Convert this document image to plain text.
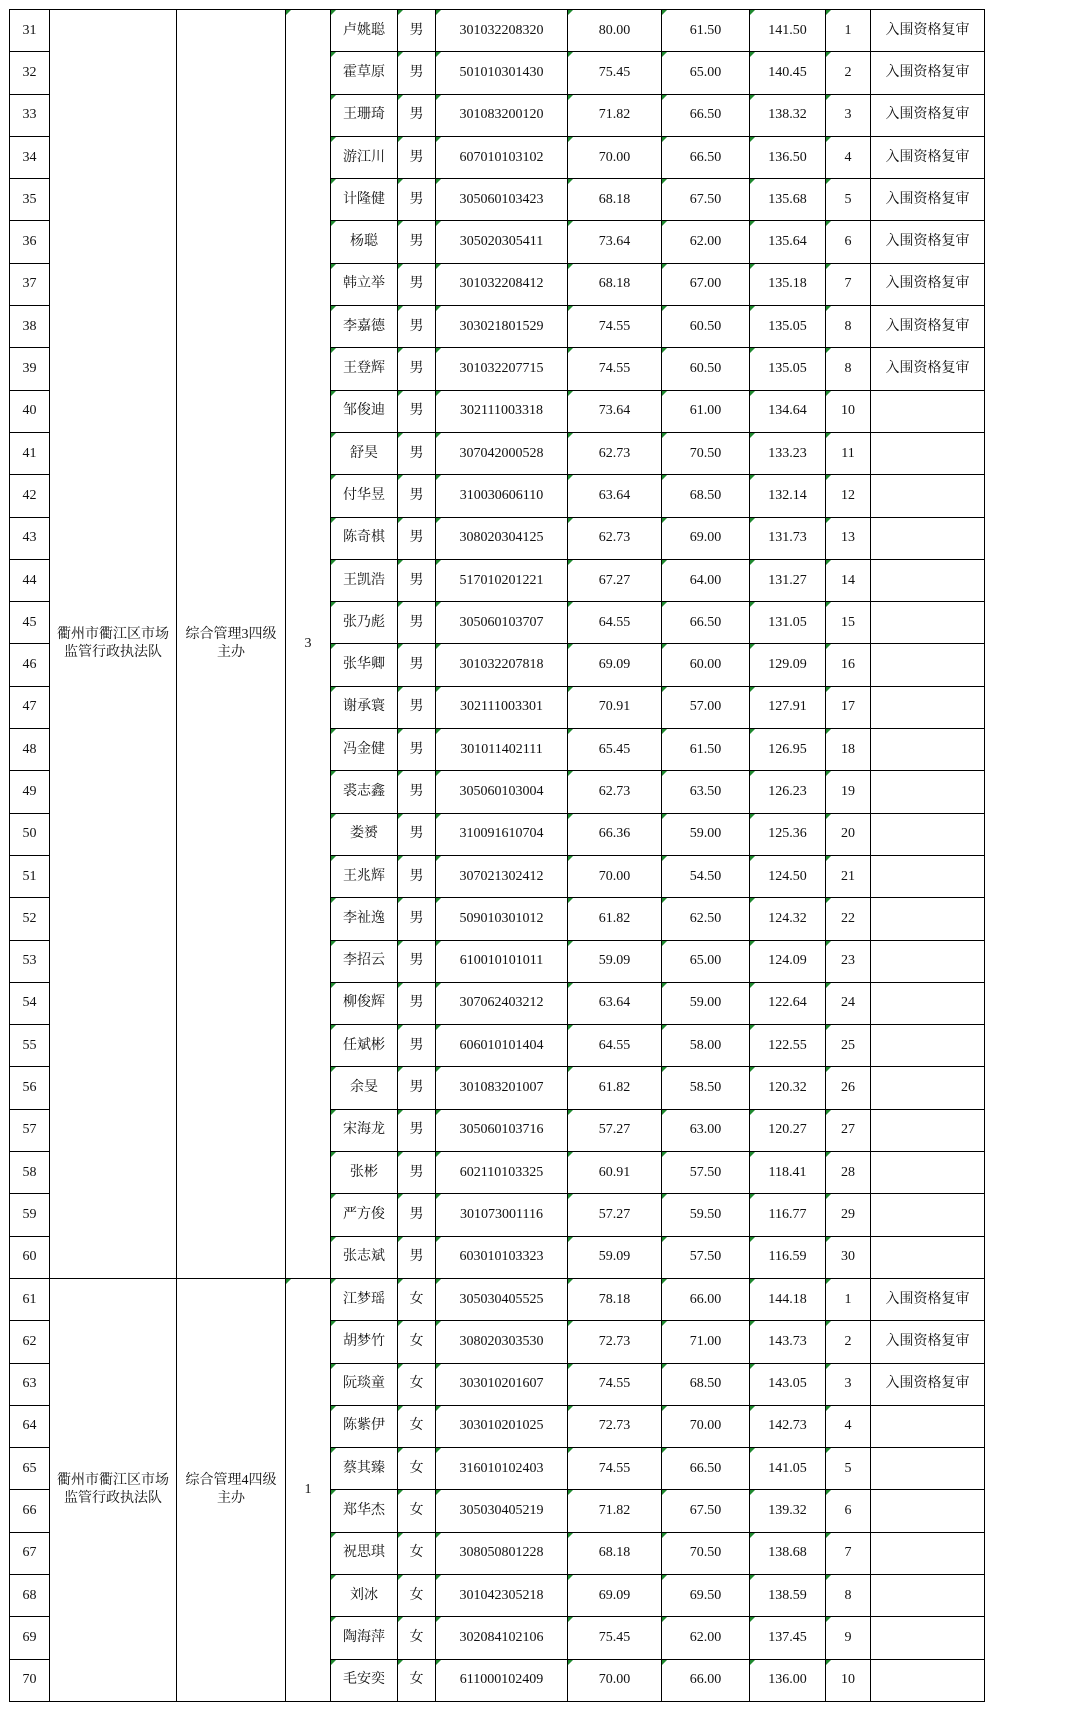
31	衢州市衢江区市场监管行政执法队	综合管理3四级主办	3	卢姚聪	男	301032208320	80.00	61.50	141.50	1	入围资格复审
32				霍草原	男	501010301430	75.45	65.00	140.45	2	入围资格复审
33				王珊琦	男	301083200120	71.82	66.50	138.32	3	入围资格复审
34				游江川	男	607010103102	70.00	66.50	136.50	4	入围资格复审
35				计隆健	男	305060103423	68.18	67.50	135.68	5	入围资格复审
36				杨聪	男	305020305411	73.64	62.00	135.64	6	入围资格复审
37				韩立举	男	301032208412	68.18	67.00	135.18	7	入围资格复审
38				李嘉德	男	303021801529	74.55	60.50	135.05	8	入围资格复审
39				王登辉	男	301032207715	74.55	60.50	135.05	8	入围资格复审
40				邹俊迪	男	302111003318	73.64	61.00	134.64	10	
41				舒昊	男	307042000528	62.73	70.50	133.23	11	
42				付华昱	男	310030606110	63.64	68.50	132.14	12	
43				陈奇棋	男	308020304125	62.73	69.00	131.73	13	
44				王凯浩	男	517010201221	67.27	64.00	131.27	14	
45				张乃彪	男	305060103707	64.55	66.50	131.05	15	
46				张华卿	男	301032207818	69.09	60.00	129.09	16	
47				谢承寰	男	302111003301	70.91	57.00	127.91	17	
48				冯金健	男	301011402111	65.45	61.50	126.95	18	
49				裘志鑫	男	305060103004	62.73	63.50	126.23	19	
50				娄赟	男	310091610704	66.36	59.00	125.36	20	
51				王兆辉	男	307021302412	70.00	54.50	124.50	21	
52				李祉逸	男	509010301012	61.82	62.50	124.32	22	
53				李招云	男	610010101011	59.09	65.00	124.09	23	
54				柳俊辉	男	307062403212	63.64	59.00	122.64	24	
55				任斌彬	男	606010101404	64.55	58.00	122.55	25	
56				余旻	男	301083201007	61.82	58.50	120.32	26	
57				宋海龙	男	305060103716	57.27	63.00	120.27	27	
58				张彬	男	602110103325	60.91	57.50	118.41	28	
59				严方俊	男	301073001116	57.27	59.50	116.77	29	
60				张志斌	男	603010103323	59.09	57.50	116.59	30	
61	衢州市衢江区市场监管行政执法队	综合管理4四级主办	1	江梦瑶	女	305030405525	78.18	66.00	144.18	1	入围资格复审
62				胡梦竹	女	308020303530	72.73	71.00	143.73	2	入围资格复审
63				阮琰童	女	303010201607	74.55	68.50	143.05	3	入围资格复审
64				陈紫伊	女	303010201025	72.73	70.00	142.73	4	
65				蔡其臻	女	316010102403	74.55	66.50	141.05	5	
66				郑华杰	女	305030405219	71.82	67.50	139.32	6	
67				祝思琪	女	308050801228	68.18	70.50	138.68	7	
68				刘冰	女	301042305218	69.09	69.50	138.59	8	
69				陶海萍	女	302084102106	75.45	62.00	137.45	9	
70				毛安奕	女	611000102409	70.00	66.00	136.00	10	
